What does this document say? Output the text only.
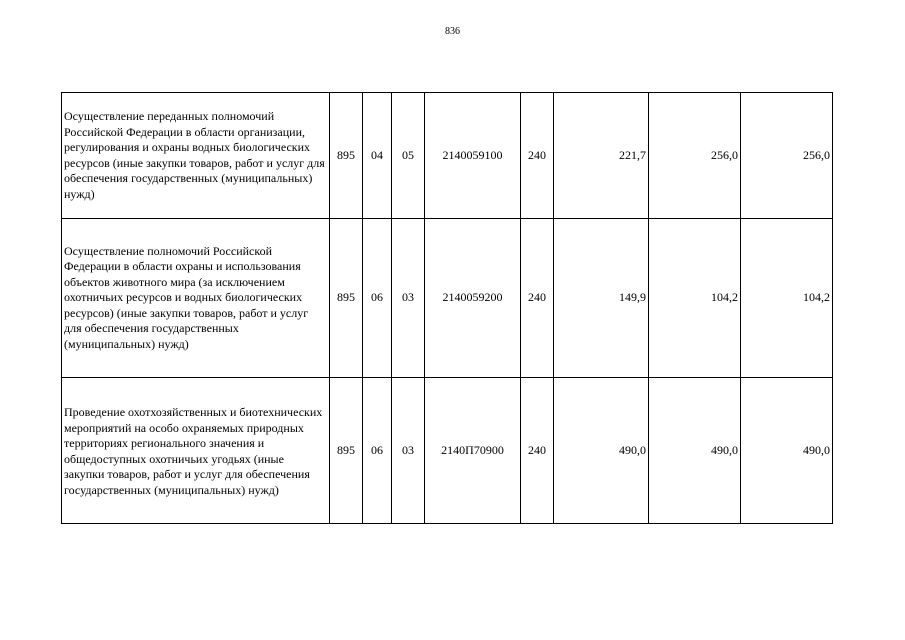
836
Осуществление переданных полномочий Российской Федерации в области организации, регулирования и охраны водных биологических ресурсов (иные закупки товаров, работ и услуг для обеспечения государственных (муниципальных) нужд)	895	04	05	2140059100	240	221,7	256,0	256,0
Осуществление полномочий Российской Федерации в области охраны и использования объектов животного мира (за исключением охотничьих ресурсов и водных биологических ресурсов) (иные закупки товаров, работ и услуг для обеспечения государственных (муниципальных) нужд)	895	06	03	2140059200	240	149,9	104,2	104,2
Проведение охотхозяйственных и биотехнических мероприятий на особо охраняемых природных территориях регионального значения и общедоступных охотничьих угодьях (иные закупки товаров, работ и услуг для обеспечения государственных (муниципальных) нужд)	895	06	03	2140П70900	240	490,0	490,0	490,0
